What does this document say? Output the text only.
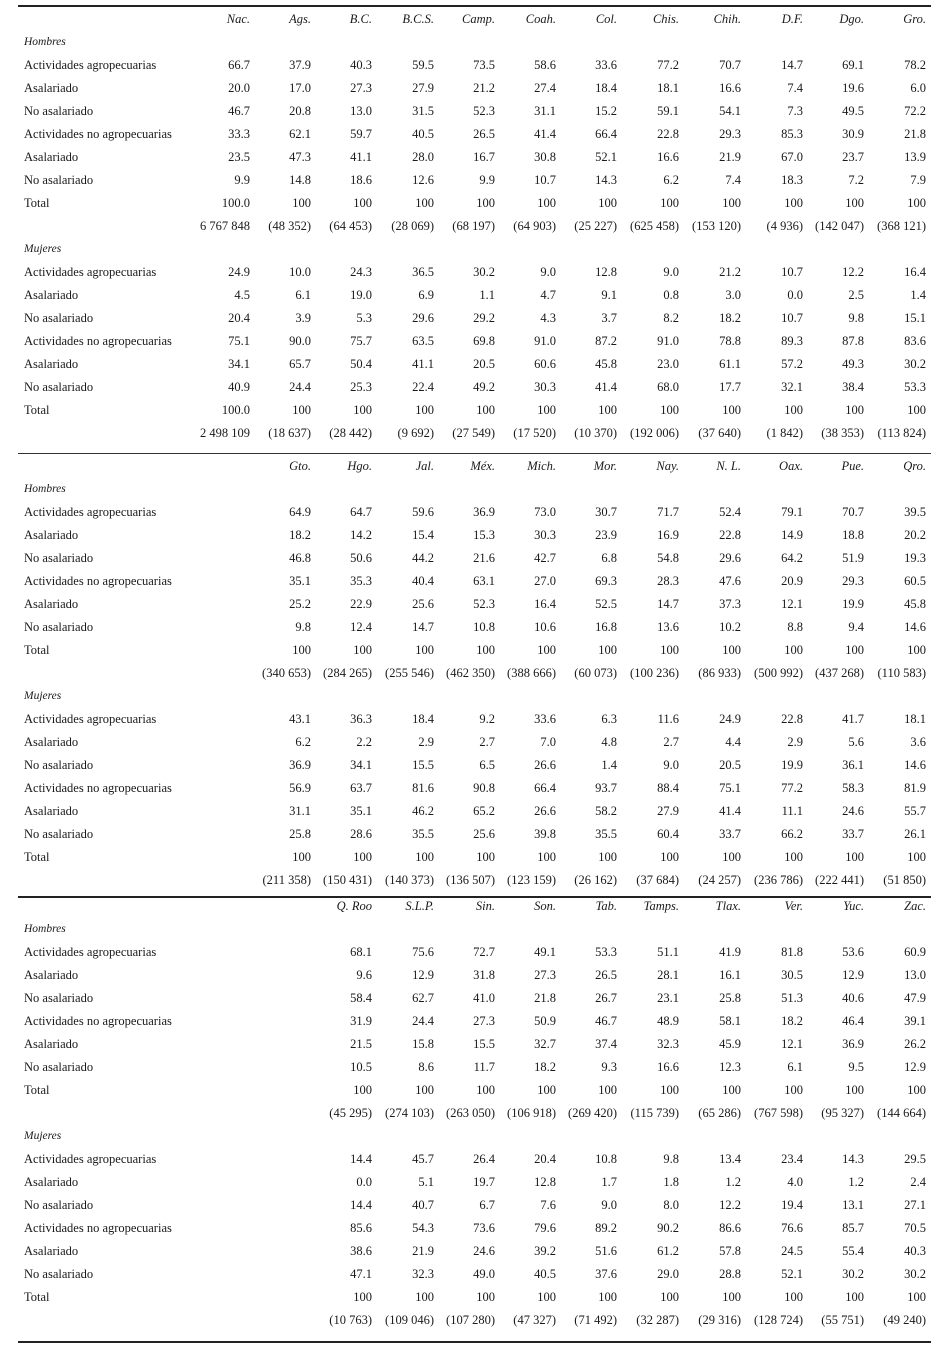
Nac.	Ags.	B.C.	B.C.S.	Camp.	Coah.	Col.	Chis.	Chih.	D.F.	Dgo.	Gro.
Hombres
Actividades agropecuarias	66.7	37.9	40.3	59.5	73.5	58.6	33.6	77.2	70.7	14.7	69.1	78.2
Asalariado	20.0	17.0	27.3	27.9	21.2	27.4	18.4	18.1	16.6	7.4	19.6	6.0
No asalariado	46.7	20.8	13.0	31.5	52.3	31.1	15.2	59.1	54.1	7.3	49.5	72.2
Actividades no agropecuarias	33.3	62.1	59.7	40.5	26.5	41.4	66.4	22.8	29.3	85.3	30.9	21.8
Asalariado	23.5	47.3	41.1	28.0	16.7	30.8	52.1	16.6	21.9	67.0	23.7	13.9
No asalariado	9.9	14.8	18.6	12.6	9.9	10.7	14.3	6.2	7.4	18.3	7.2	7.9
Total	100.0	100	100	100	100	100	100	100	100	100	100	100
6 767 848	(48 352)	(64 453)	(28 069)	(68 197)	(64 903)	(25 227)	(625 458)	(153 120)	(4 936) (142 047)	(368 121)
Mujeres
Actividades agropecuarias	24.9	10.0	24.3	36.5	30.2	9.0	12.8	9.0	21.2	10.7	12.2	16.4
Asalariado	4.5	6.1	19.0	6.9	1.1	4.7	9.1	0.8	3.0	0.0	2.5	1.4
No asalariado	20.4	3.9	5.3	29.6	29.2	4.3	3.7	8.2	18.2	10.7	9.8	15.1
Actividades no agropecuarias	75.1	90.0	75.7	63.5	69.8	91.0	87.2	91.0	78.8	89.3	87.8	83.6
Asalariado	34.1	65.7	50.4	41.1	20.5	60.6	45.8	23.0	61.1	57.2	49.3	30.2
No asalariado	40.9	24.4	25.3	22.4	49.2	30.3	41.4	68.0	17.7	32.1	38.4	53.3
Total	100.0	100	100	100	100	100	100	100	100	100	100	100
2 498 109	(18 637)	(28 442)	(9 692)	(27 549)	(17 520)	(10 370)	(192 006)	(37 640)	(1 842)	(38 353)	(113 824)
Gto.	Hgo.	Jal.	Méx.	Mich.	Mor.	Nay.	N. L.	Oax.	Pue.	Qro.
Hombres
Actividades agropecuarias	64.9	64.7	59.6	36.9	73.0	30.7	71.7	52.4	79.1	70.7	39.5
Asalariado	18.2	14.2	15.4	15.3	30.3	23.9	16.9	22.8	14.9	18.8	20.2
No asalariado	46.8	50.6	44.2	21.6	42.7	6.8	54.8	29.6	64.2	51.9	19.3
Actividades no agropecuarias	35.1	35.3	40.4	63.1	27.0	69.3	28.3	47.6	20.9	29.3	60.5
Asalariado	25.2	22.9	25.6	52.3	16.4	52.5	14.7	37.3	12.1	19.9	45.8
No asalariado	9.8	12.4	14.7	10.8	10.6	16.8	13.6	10.2	8.8	9.4	14.6
Total	100	100	100	100	100	100	100	100	100	100	100
(340 653) (284 265)	(255 546) (462 350) (388 666)	(60 073)	(100 236)	(86 933)	(500 992) (437 268)	(110 583)
Mujeres
Actividades agropecuarias	43.1	36.3	18.4	9.2	33.6	6.3	11.6	24.9	22.8	41.7	18.1
Asalariado	6.2	2.2	2.9	2.7	7.0	4.8	2.7	4.4	2.9	5.6	3.6
No asalariado	36.9	34.1	15.5	6.5	26.6	1.4	9.0	20.5	19.9	36.1	14.6
Actividades no agropecuarias	56.9	63.7	81.6	90.8	66.4	93.7	88.4	75.1	77.2	58.3	81.9
Asalariado	31.1	35.1	46.2	65.2	26.6	58.2	27.9	41.4	11.1	24.6	55.7
No asalariado	25.8	28.6	35.5	25.6	39.8	35.5	60.4	33.7	66.2	33.7	26.1
Total	100	100	100	100	100	100	100	100	100	100	100
(211 358) (150 431)	(140 373) (136 507) (123 159)	(26 162)	(37 684)	(24 257)	(236 786) (222 441)	(51 850)
Q. Roo	S.L.P.	Sin.	Son.	Tab.	Tamps.	Tlax.	Ver.	Yuc.	Zac.
Hombres
Actividades agropecuarias	68.1	75.6	72.7	49.1	53.3	51.1	41.9	81.8	53.6	60.9
Asalariado	9.6	12.9	31.8	27.3	26.5	28.1	16.1	30.5	12.9	13.0
No asalariado	58.4	62.7	41.0	21.8	26.7	23.1	25.8	51.3	40.6	47.9
Actividades no agropecuarias	31.9	24.4	27.3	50.9	46.7	48.9	58.1	18.2	46.4	39.1
Asalariado	21.5	15.8	15.5	32.7	37.4	32.3	45.9	12.1	36.9	26.2
No asalariado	10.5	8.6	11.7	18.2	9.3	16.6	12.3	6.1	9.5	12.9
Total	100	100	100	100	100	100	100	100	100	100
(45 295)	(274 103) (263 050) (106 918) (269 420)	(115 739)	(65 286)	(767 598)	(95 327)	(144 664)
Mujeres
Actividades agropecuarias	14.4	45.7	26.4	20.4	10.8	9.8	13.4	23.4	14.3	29.5
Asalariado	0.0	5.1	19.7	12.8	1.7	1.8	1.2	4.0	1.2	2.4
No asalariado	14.4	40.7	6.7	7.6	9.0	8.0	12.2	19.4	13.1	27.1
Actividades no agropecuarias	85.6	54.3	73.6	79.6	89.2	90.2	86.6	76.6	85.7	70.5
Asalariado	38.6	21.9	24.6	39.2	51.6	61.2	57.8	24.5	55.4	40.3
No asalariado	47.1	32.3	49.0	40.5	37.6	29.0	28.8	52.1	30.2	30.2
Total	100	100	100	100	100	100	100	100	100	100
(10 763)	(109 046) (107 280)	(47 327)	(71 492)	(32 287)	(29 316)	(128 724)	(55 751)	(49 240)
